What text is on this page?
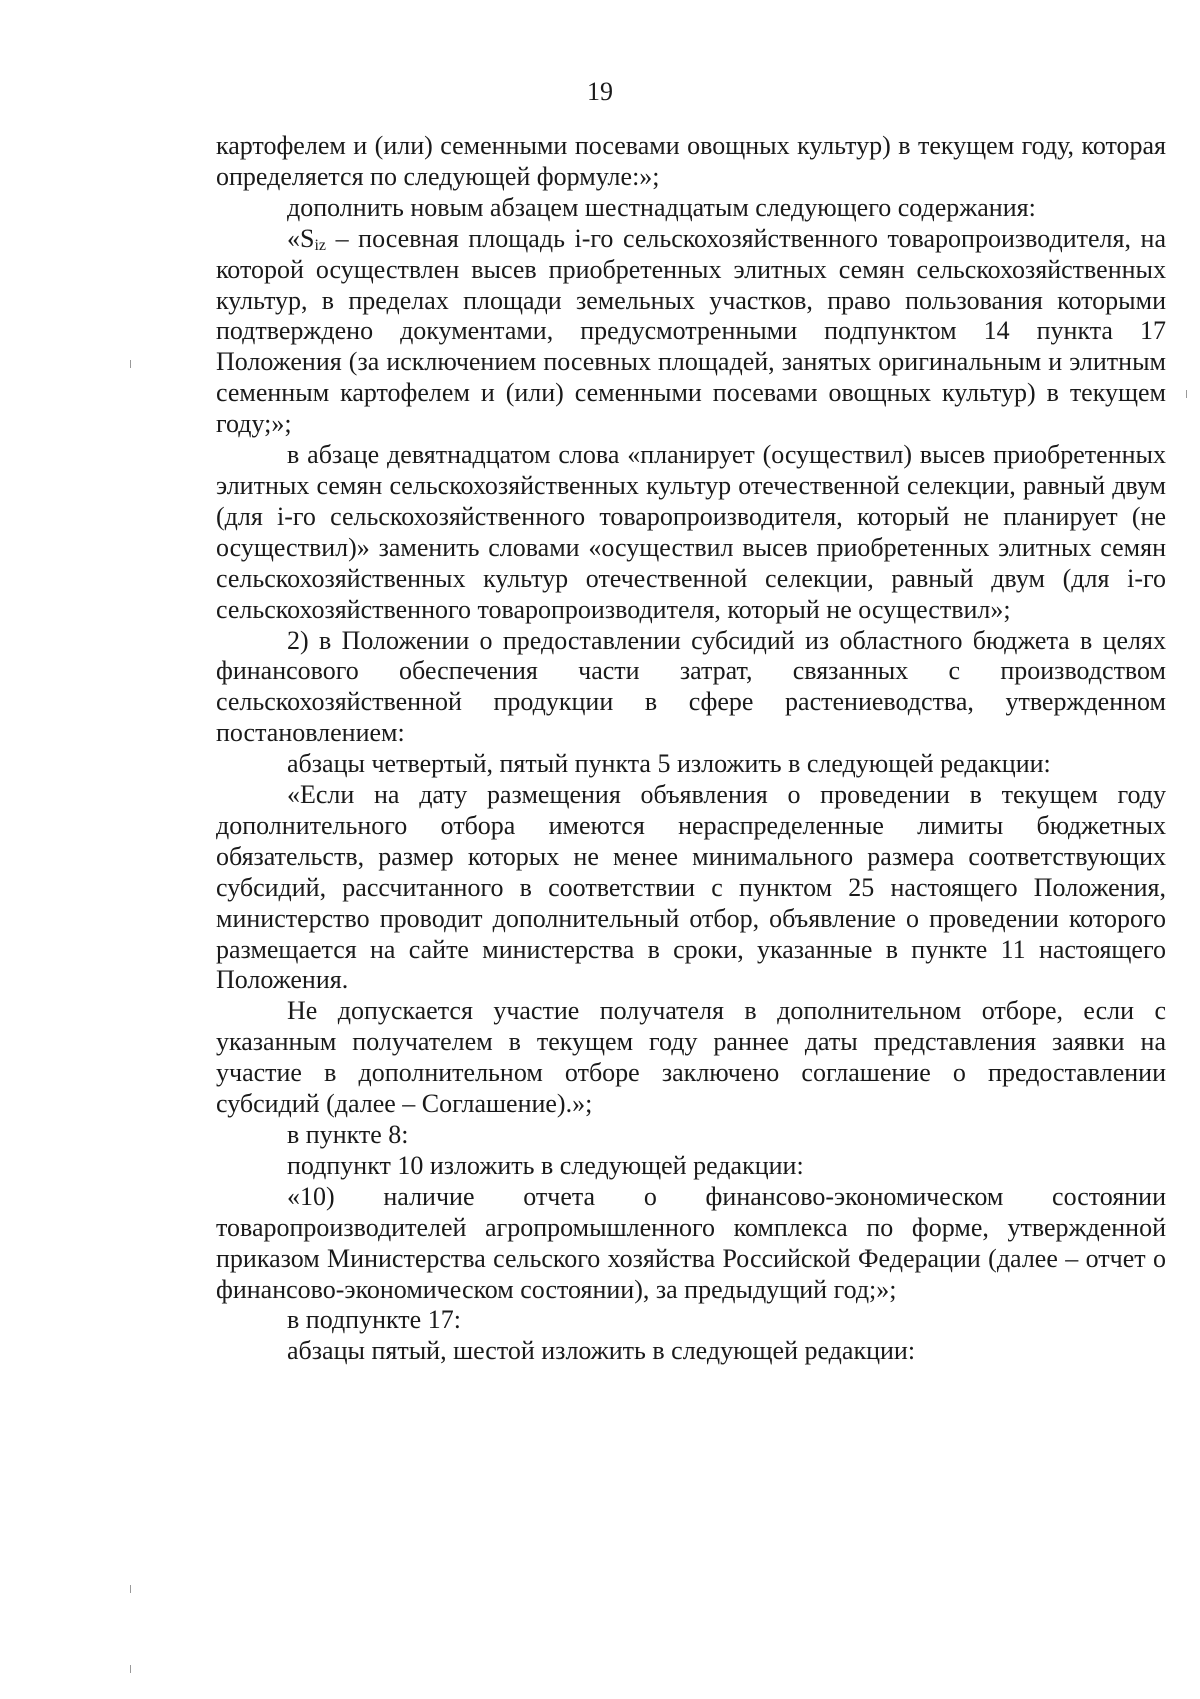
19

картофелем и (или) семенными посевами овощных культур) в текущем году, которая определяется по следующей формуле:»;

дополнить новым абзацем шестнадцатым следующего содержания:

«$S_{iz}$ – посевная площадь i-го сельскохозяйственного товаропроизводителя, на которой осуществлен высев приобретенных элитных семян сельскохозяйственных культур, в пределах площади земельных участков, право пользования которыми подтверждено документами, предусмотренными подпунктом 14 пункта 17 Положения (за исключением посевных площадей, занятых оригинальным и элитным семенным картофелем и (или) семенными посевами овощных культур) в текущем году;»;

в абзаце девятнадцатом слова «планирует (осуществил) высев приобретенных элитных семян сельскохозяйственных культур отечественной селекции, равный двум (для i-го сельскохозяйственного товаропроизводителя, который не планирует (не осуществил)» заменить словами «осуществил высев приобретенных элитных семян сельскохозяйственных культур отечественной селекции, равный двум (для i-го сельскохозяйственного товаропроизводителя, который не осуществил»;

2) в Положении о предоставлении субсидий из областного бюджета в целях финансового обеспечения части затрат, связанных с производством сельскохозяйственной продукции в сфере растениеводства, утвержденном постановлением:

абзацы четвертый, пятый пункта 5 изложить в следующей редакции:

«Если на дату размещения объявления о проведении в текущем году дополнительного отбора имеются нераспределенные лимиты бюджетных обязательств, размер которых не менее минимального размера соответствующих субсидий, рассчитанного в соответствии с пунктом 25 настоящего Положения, министерство проводит дополнительный отбор, объявление о проведении которого размещается на сайте министерства в сроки, указанные в пункте 11 настоящего Положения.

Не допускается участие получателя в дополнительном отборе, если с указанным получателем в текущем году раннее даты представления заявки на участие в дополнительном отборе заключено соглашение о предоставлении субсидий (далее – Соглашение).»;

в пункте 8:

подпункт 10 изложить в следующей редакции:

«10) наличие отчета о финансово-экономическом состоянии товаропроизводителей агропромышленного комплекса по форме, утвержденной приказом Министерства сельского хозяйства Российской Федерации (далее – отчет о финансово-экономическом состоянии), за предыдущий год;»;

в подпункте 17:

абзацы пятый, шестой изложить в следующей редакции:
